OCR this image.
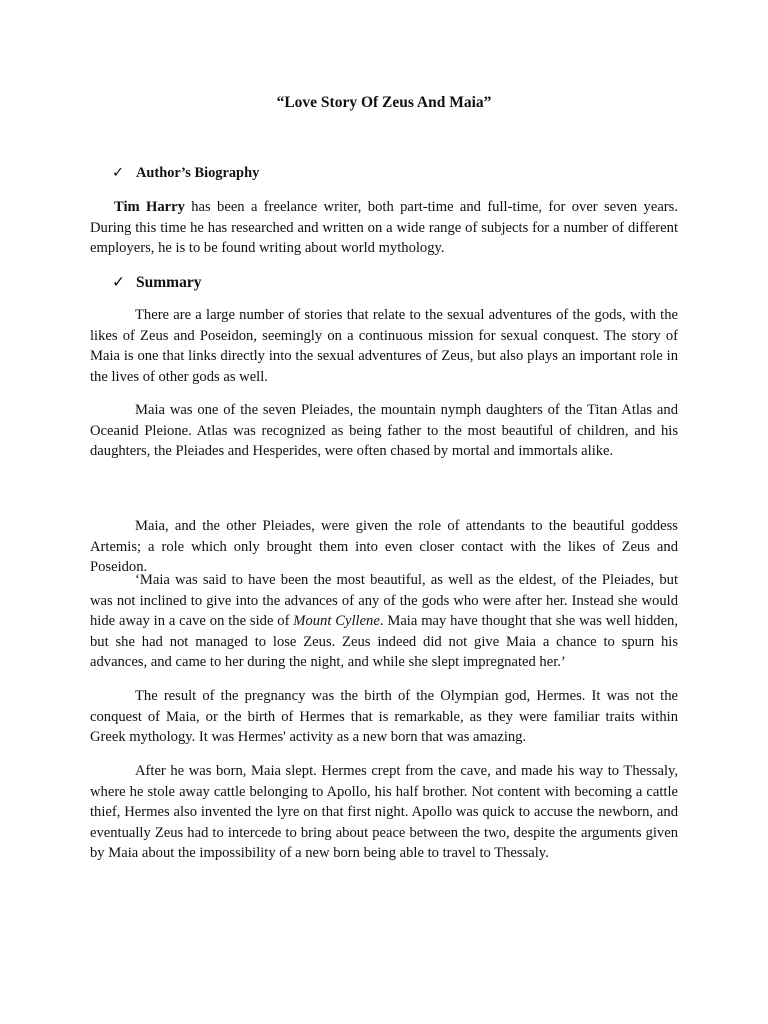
“Love Story Of Zeus And Maia”
✓ Author’s Biography

Tim Harry has been a freelance writer, both part-time and full-time, for over seven years. During this time he has researched and written on a wide range of subjects for a number of different employers, he is to be found writing about world mythology.

✓ Summary

There are a large number of stories that relate to the sexual adventures of the gods, with the likes of Zeus and Poseidon, seemingly on a continuous mission for sexual conquest. The story of Maia is one that links directly into the sexual adventures of Zeus, but also plays an important role in the lives of other gods as well.

Maia was one of the seven Pleiades, the mountain nymph daughters of the Titan Atlas and Oceanid Pleione. Atlas was recognized as being father to the most beautiful of children, and his daughters, the Pleiades and Hesperides, were often chased by mortal and immortals alike.

Maia, and the other Pleiades, were given the role of attendants to the beautiful goddess Artemis; a role which only brought them into even closer contact with the likes of Zeus and Poseidon.

‘Maia was said to have been the most beautiful, as well as the eldest, of the Pleiades, but was not inclined to give into the advances of any of the gods who were after her. Instead she would hide away in a cave on the side of Mount Cyllene. Maia may have thought that she was well hidden, but she had not managed to lose Zeus. Zeus indeed did not give Maia a chance to spurn his advances, and came to her during the night, and while she slept impregnated her.’

The result of the pregnancy was the birth of the Olympian god, Hermes. It was not the conquest of Maia, or the birth of Hermes that is remarkable, as they were familiar traits within Greek mythology. It was Hermes' activity as a new born that was amazing.

After he was born, Maia slept. Hermes crept from the cave, and made his way to Thessaly, where he stole away cattle belonging to Apollo, his half brother. Not content with becoming a cattle thief, Hermes also invented the lyre on that first night. Apollo was quick to accuse the newborn, and eventually Zeus had to intercede to bring about peace between the two, despite the arguments given by Maia about the impossibility of a new born being able to travel to Thessaly.
